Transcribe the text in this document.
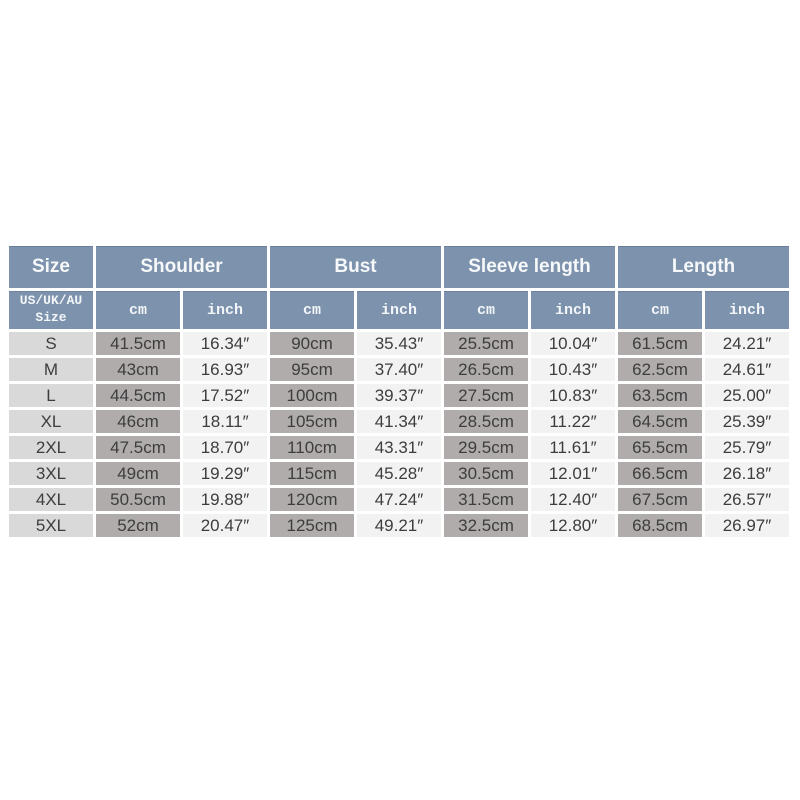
Size	Shoulder		Bust		Sleeve length		Length	
US/UK/AU Size	cm	inch	cm	inch	cm	inch	cm	inch
S	41.5cm	16.34″	90cm	35.43″	25.5cm	10.04″	61.5cm	24.21″
M	43cm	16.93″	95cm	37.40″	26.5cm	10.43″	62.5cm	24.61″
L	44.5cm	17.52″	100cm	39.37″	27.5cm	10.83″	63.5cm	25.00″
XL	46cm	18.11″	105cm	41.34″	28.5cm	11.22″	64.5cm	25.39″
2XL	47.5cm	18.70″	110cm	43.31″	29.5cm	11.61″	65.5cm	25.79″
3XL	49cm	19.29″	115cm	45.28″	30.5cm	12.01″	66.5cm	26.18″
4XL	50.5cm	19.88″	120cm	47.24″	31.5cm	12.40″	67.5cm	26.57″
5XL	52cm	20.47″	125cm	49.21″	32.5cm	12.80″	68.5cm	26.97″
